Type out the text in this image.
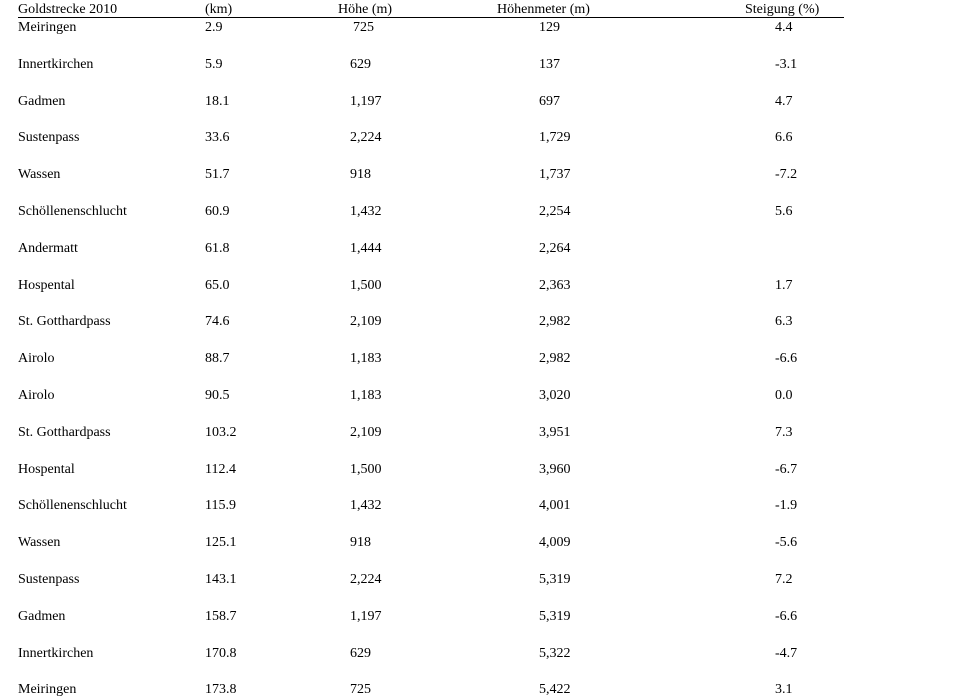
Goldstrecke 2010	(km)	Höhe (m)	Höhenmeter (m)	Steigung (%)
Meiringen	2.9	725	129	4.4
Innertkirchen	5.9	629	137	-3.1
Gadmen	18.1	1,197	697	4.7
Sustenpass	33.6	2,224	1,729	6.6
Wassen	51.7	918	1,737	-7.2
Schöllenenschlucht	60.9	1,432	2,254	5.6
Andermatt	61.8	1,444	2,264
Hospental	65.0	1,500	2,363	1.7
St. Gotthardpass	74.6	2,109	2,982	6.3
Airolo	88.7	1,183	2,982	-6.6
Airolo	90.5	1,183	3,020	0.0
St. Gotthardpass	103.2	2,109	3,951	7.3
Hospental	112.4	1,500	3,960	-6.7
Schöllenenschlucht	115.9	1,432	4,001	-1.9
Wassen	125.1	918	4,009	-5.6
Sustenpass	143.1	2,224	5,319	7.2
Gadmen	158.7	1,197	5,319	-6.6
Innertkirchen	170.8	629	5,322	-4.7
Meiringen	173.8	725	5,422	3.1
